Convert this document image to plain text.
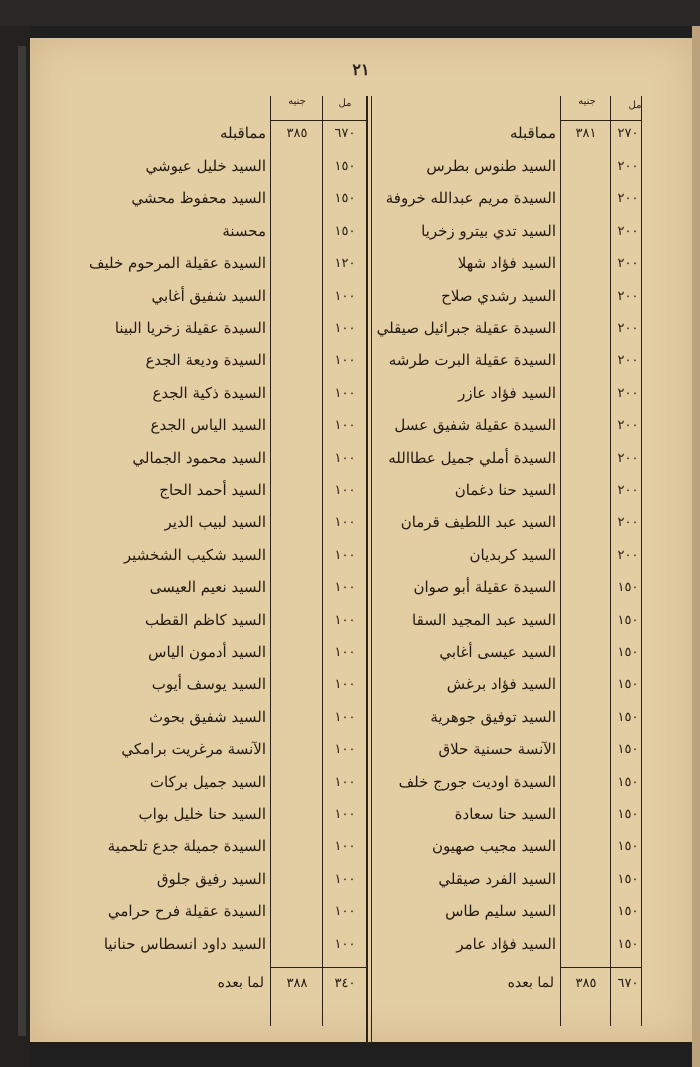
٢١
مل
جنيه
مل
جنيه
٢٧٠
٣٨١
مماقبله
٦٧٠
٣٨٥
مماقبله
٢٠٠
السيد طنوس بطرس
٢٠٠
السيدة مريم عبدالله خروفة
٢٠٠
السيد تدي بيترو زخريا
٢٠٠
السيد فؤاد شهلا
٢٠٠
السيد رشدي صلاح
٢٠٠
السيدة عقيلة جبرائيل صيقلي
٢٠٠
السيدة عقيلة البرت طرشه
٢٠٠
السيد فؤاد عازر
٢٠٠
السيدة عقيلة شفيق عسل
٢٠٠
السيدة أملي جميل عطاالله
٢٠٠
السيد حنا دغمان
٢٠٠
السيد عبد اللطيف قرمان
٢٠٠
السيد كربديان
١٥٠
السيدة عقيلة أبو صوان
١٥٠
السيد عبد المجيد السقا
١٥٠
السيد عيسى أغابي
١٥٠
السيد فؤاد برغش
١٥٠
السيد توفيق جوهرية
١٥٠
الآنسة حسنية حلاق
١٥٠
السيدة اوديت جورج خلف
١٥٠
السيد حنا سعادة
١٥٠
السيد مجيب صهيون
١٥٠
السيد الفرد صيقلي
١٥٠
السيد سليم طاس
١٥٠
السيد فؤاد عامر
١٥٠
السيد خليل عيوشي
١٥٠
السيد محفوظ محشي
١٥٠
محسنة
١٢٠
السيدة عقيلة المرحوم خليف
١٠٠
السيد شفيق أغابي
١٠٠
السيدة عقيلة زخريا البينا
١٠٠
السيدة وديعة الجدع
١٠٠
السيدة ذكية الجدع
١٠٠
السيد الياس الجدع
١٠٠
السيد محمود الجمالي
١٠٠
السيد أحمد الحاج
١٠٠
السيد لبيب الدير
١٠٠
السيد شكيب الشخشير
١٠٠
السيد نعيم العيسى
١٠٠
السيد كاظم القطب
١٠٠
السيد أدمون الياس
١٠٠
السيد يوسف أيوب
١٠٠
السيد شفيق بحوث
١٠٠
الآنسة مرغريت برامكي
١٠٠
السيد جميل بركات
١٠٠
السيد حنا خليل بواب
١٠٠
السيدة جميلة جدع تلحمية
١٠٠
السيد رفيق جلوق
١٠٠
السيدة عقيلة فرح حرامي
١٠٠
السيد داود انسطاس حنانيا
٦٧٠
٣٨٥
لما بعده
٣٤٠
٣٨٨
لما بعده
